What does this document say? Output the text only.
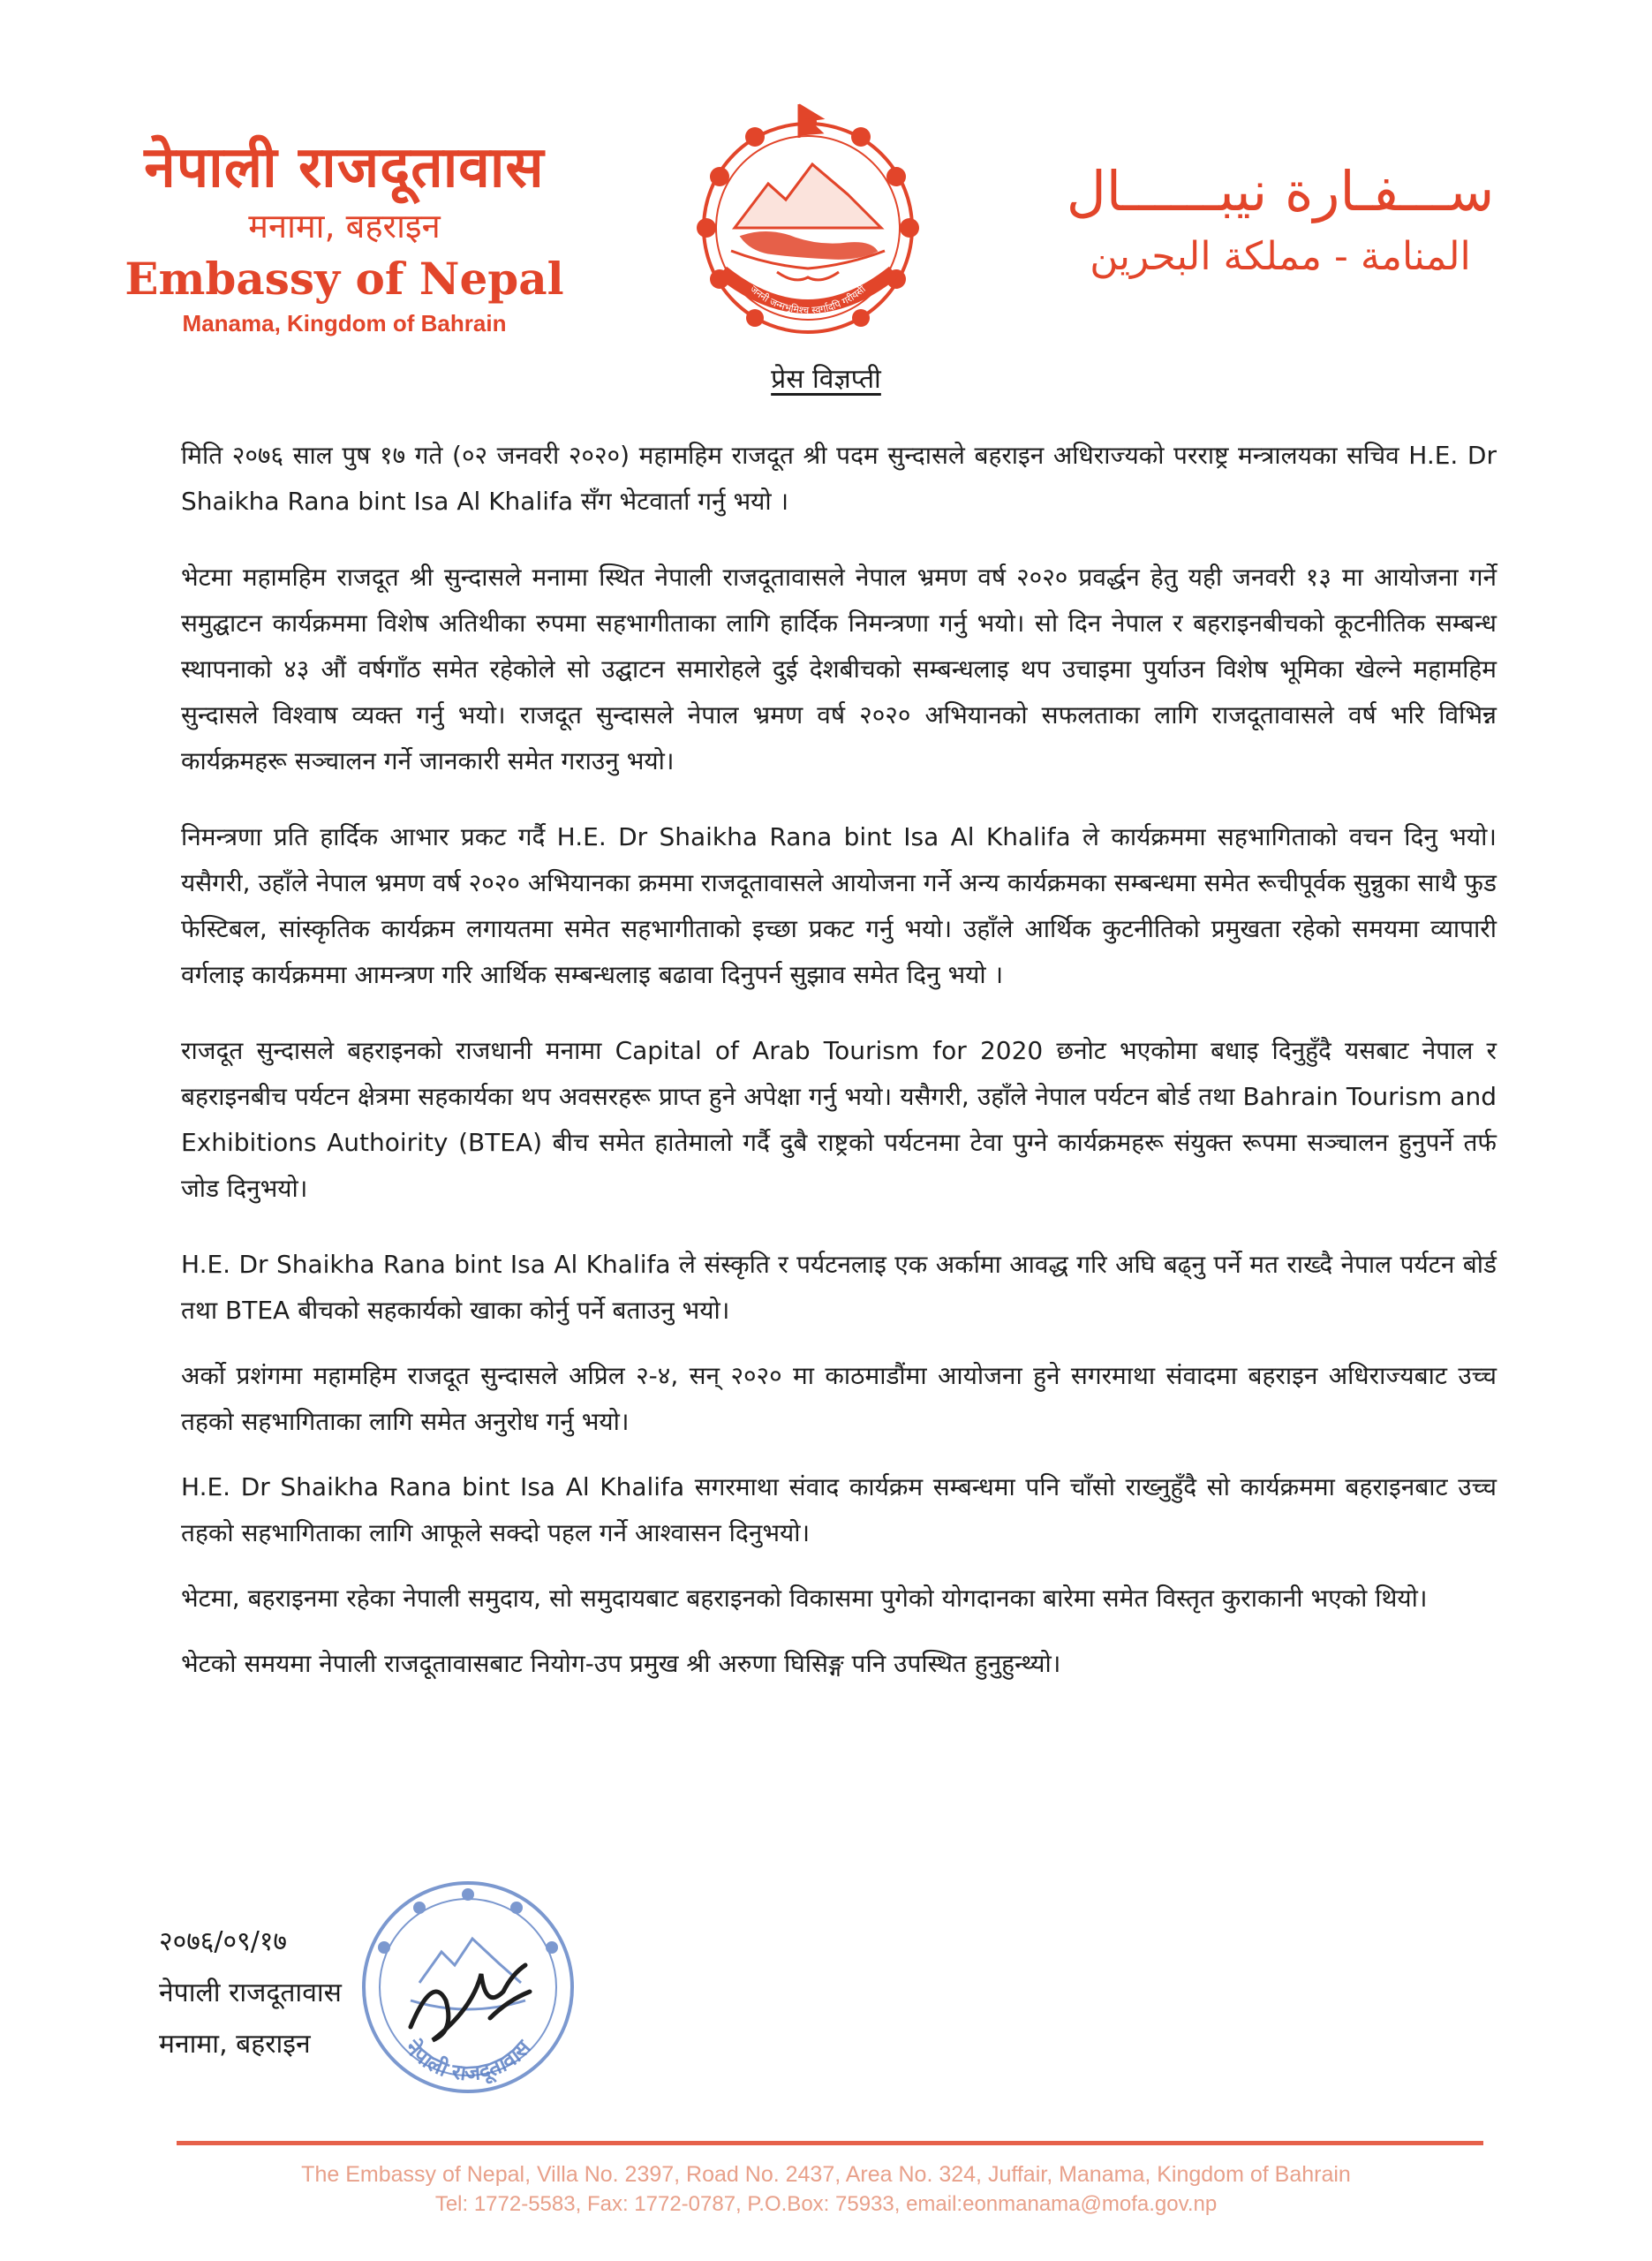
नेपाली राजदूतावास
मनामा, बहराइन
Embassy of Nepal
Manama, Kingdom of Bahrain
जननी जन्मभूमिश्च स्वर्गादपि गरीयसी
ســـفـارة نيبــــــال
المنامة - مملكة البحرين
प्रेस विज्ञप्ती

मिति २०७६ साल पुष १७ गते (०२ जनवरी २०२०) महामहिम राजदूत श्री पदम सुन्दासले बहराइन अधिराज्यको परराष्ट्र मन्त्रालयका सचिव H.E. Dr Shaikha Rana bint Isa Al Khalifa सँग भेटवार्ता गर्नु भयो ।

भेटमा महामहिम राजदूत श्री सुन्दासले मनामा स्थित नेपाली राजदूतावासले नेपाल भ्रमण वर्ष २०२० प्रवर्द्धन हेतु यही जनवरी १३ मा आयोजना गर्ने समुद्घाटन कार्यक्रममा विशेष अतिथीका रुपमा सहभागीताका लागि हार्दिक निमन्त्रणा गर्नु भयो। सो दिन नेपाल र बहराइनबीचको कूटनीतिक सम्बन्ध स्थापनाको ४३ औं वर्षगाँठ समेत रहेकोले सो उद्घाटन समारोहले दुई देशबीचको सम्बन्धलाइ थप उचाइमा पुर्याउन विशेष भूमिका खेल्ने महामहिम सुन्दासले विश्वाष व्यक्त गर्नु भयो। राजदूत सुन्दासले नेपाल भ्रमण वर्ष २०२० अभियानको सफलताका लागि राजदूतावासले वर्ष भरि विभिन्न कार्यक्रमहरू सञ्चालन गर्ने जानकारी समेत गराउनु भयो।

निमन्त्रणा प्रति हार्दिक आभार प्रकट गर्दै H.E. Dr Shaikha Rana bint Isa Al Khalifa ले कार्यक्रममा सहभागिताको वचन दिनु भयो। यसैगरी, उहाँले नेपाल भ्रमण वर्ष २०२० अभियानका क्रममा राजदूतावासले आयोजना गर्ने अन्य कार्यक्रमका सम्बन्धमा समेत रूचीपूर्वक सुन्नुका साथै फुड फेस्टिबल, सांस्कृतिक कार्यक्रम लगायतमा समेत सहभागीताको इच्छा प्रकट गर्नु भयो। उहाँले आर्थिक कुटनीतिको प्रमुखता रहेको समयमा व्यापारी वर्गलाइ कार्यक्रममा आमन्त्रण गरि आर्थिक सम्बन्धलाइ बढावा दिनुपर्न सुझाव समेत दिनु भयो ।

राजदूत सुन्दासले बहराइनको राजधानी मनामा Capital of Arab Tourism for 2020 छनोट भएकोमा बधाइ दिनुहुँदै यसबाट नेपाल र बहराइनबीच पर्यटन क्षेत्रमा सहकार्यका थप अवसरहरू प्राप्त हुने अपेक्षा गर्नु भयो। यसैगरी, उहाँले नेपाल पर्यटन बोर्ड तथा Bahrain Tourism and Exhibitions Authoirity (BTEA) बीच समेत हातेमालो गर्दै दुबै राष्ट्रको पर्यटनमा टेवा पुग्ने कार्यक्रमहरू संयुक्त रूपमा सञ्चालन हुनुपर्ने तर्फ जोड दिनुभयो।

H.E. Dr Shaikha Rana bint Isa Al Khalifa ले संस्कृति र पर्यटनलाइ एक अर्कामा आवद्ध गरि अघि बढ्नु पर्ने मत राख्दै नेपाल पर्यटन बोर्ड तथा BTEA बीचको सहकार्यको खाका कोर्नु पर्ने बताउनु भयो।

अर्को प्रशंगमा महामहिम राजदूत सुन्दासले अप्रिल २-४, सन् २०२० मा काठमाडौंमा आयोजना हुने सगरमाथा संवादमा बहराइन अधिराज्यबाट उच्च तहको सहभागिताका लागि समेत अनुरोध गर्नु भयो।

H.E. Dr Shaikha Rana bint Isa Al Khalifa सगरमाथा संवाद कार्यक्रम सम्बन्धमा पनि चाँसो राख्नुहुँदै सो कार्यक्रममा बहराइनबाट उच्च तहको सहभागिताका लागि आफूले सक्दो पहल गर्ने आश्वासन दिनुभयो।

भेटमा, बहराइनमा रहेका नेपाली समुदाय, सो समुदायबाट बहराइनको विकासमा पुगेको योगदानका बारेमा समेत विस्तृत कुराकानी भएको थियो।

भेटको समयमा नेपाली राजदूतावासबाट नियोग-उप प्रमुख श्री अरुणा घिसिङ्ग पनि उपस्थित हुनुहुन्थ्यो।

नेपाली राजदूतावास
२०७६/०९/१७
नेपाली राजदूतावास
मनामा, बहराइन
The Embassy of Nepal, Villa No. 2397, Road No. 2437, Area No. 324, Juffair, Manama, Kingdom of Bahrain
Tel: 1772-5583, Fax: 1772-0787, P.O.Box: 75933, email:eonmanama@mofa.gov.np
